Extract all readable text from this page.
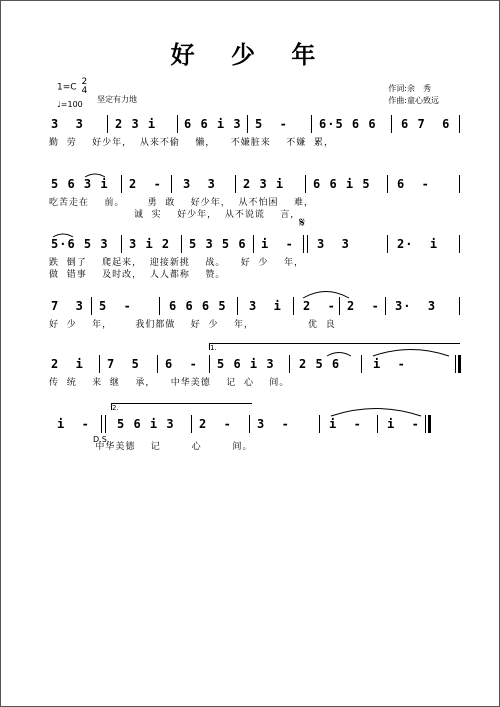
好 少 年
1=C 2
4
♩=100
坚定有力地
作词:余　秀
作曲:童心致远
3  3	2 3 i 6 6 i 3 5  -	6·5 6 6 6 7  6
勤  劳    好少年，  从来不偷    懒，    不嫌脏来    不嫌  累，
5 6 3 i 2  - 3  3 2 3 i 6 6 i 5 6  -
吃苦走在    前。      勇  敢    好少年，  从不怕困    难，
诚  实    好少年，  从不说谎    言，
𝄋
5·6 5 3 3 i 2 5 3 5 6 i  - 3  3	2·  i
跌  倒了    爬起来，  迎接新挑    战。    好  少    年，
做  错事    及时改，  人人都称    赞。
7  3 5  -	6 6 6 5 3  i 2  - 2  - 3·  3
好  少    年，      我们都做    好  少    年，              优  良
1.
2  i 7  5 6  - 5 6 i 3 2 5 6	i  -
传  统    来  继    承，    中华美德    记  心    间。
2.
i  - 5 6 i 3 2  - 3  -	i  - i  -
D.S.
中华美德    记        心        间。
